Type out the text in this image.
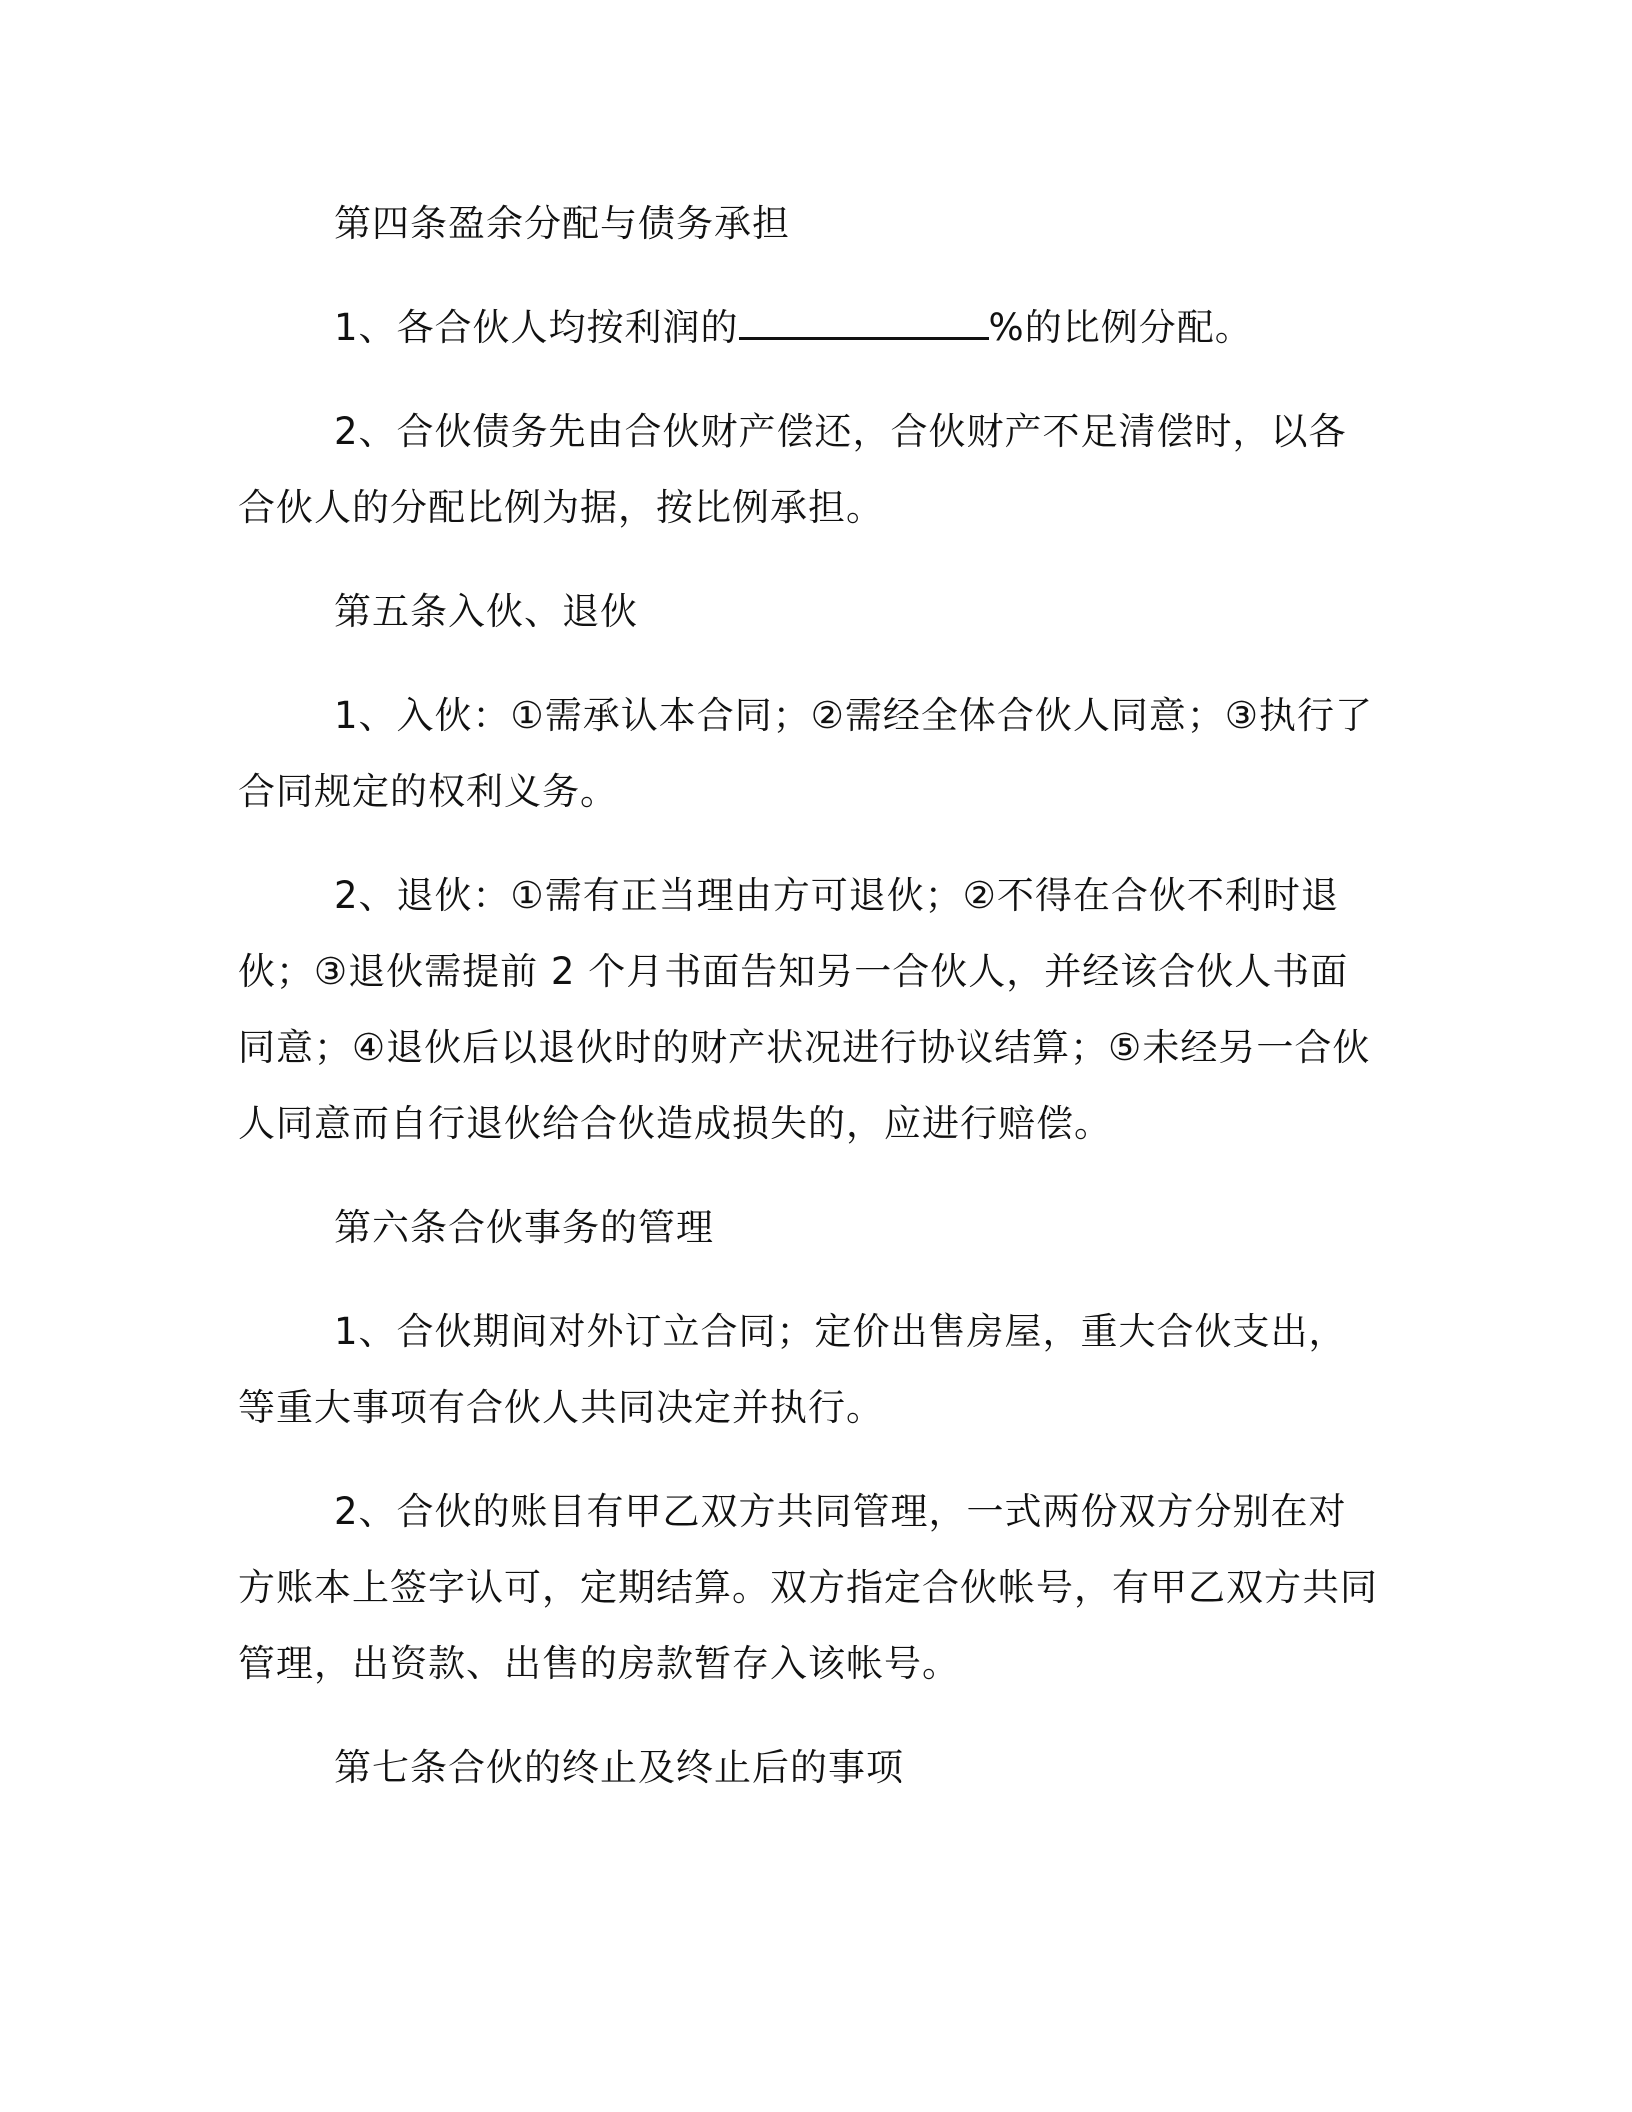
第四条盈余分配与债务承担

1、各合伙人均按利润的	%的比例分配。

2、合伙债务先由合伙财产偿还，合伙财产不足清偿时，以各合伙人的分配比例为据，按比例承担。

第五条入伙、退伙

1、入伙：①需承认本合同；②需经全体合伙人同意；③执行了合同规定的权利义务。

2、退伙：①需有正当理由方可退伙；②不得在合伙不利时退伙；③退伙需提前 2 个月书面告知另一合伙人，并经该合伙人书面同意；④退伙后以退伙时的财产状况进行协议结算；⑤未经另一合伙人同意而自行退伙给合伙造成损失的，应进行赔偿。

第六条合伙事务的管理

1、合伙期间对外订立合同；定价出售房屋，重大合伙支出，等重大事项有合伙人共同决定并执行。

2、合伙的账目有甲乙双方共同管理，一式两份双方分别在对方账本上签字认可，定期结算。双方指定合伙帐号，有甲乙双方共同管理，出资款、出售的房款暂存入该帐号。

第七条合伙的终止及终止后的事项
